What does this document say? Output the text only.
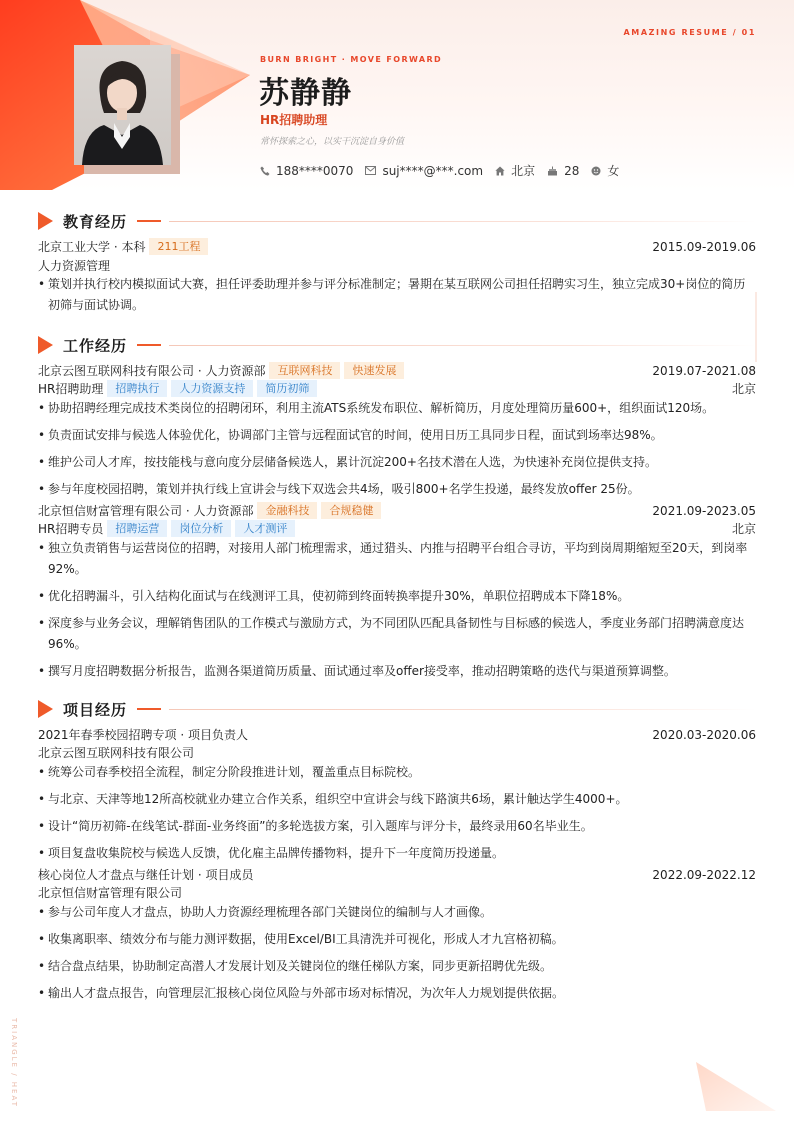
AMAZING RESUME / 01
BURN BRIGHT · MOVE FORWARD
苏静静
HR招聘助理
常怀探索之心，以实干沉淀自身价值
188****0070 suj****@***.com 北京 28 女
教育经历
北京工业大学 · 本科	211工程	2015.09-2019.06
人力资源管理
• 策划并执行校内模拟面试大赛，担任评委助理并参与评分标准制定；暑期在某互联网公司担任招聘实习生，独立完成30+岗位的简历初筛与面试协调。
工作经历
北京云图互联网科技有限公司 · 人力资源部	互联网科技	快速发展	2019.07-2021.08
HR招聘助理	招聘执行	人力资源支持	简历初筛	北京
• 协助招聘经理完成技术类岗位的招聘闭环，利用主流ATS系统发布职位、解析简历，月度处理简历量600+，组织面试120场。
• 负责面试安排与候选人体验优化，协调部门主管与远程面试官的时间，使用日历工具同步日程，面试到场率达98%。
• 维护公司人才库，按技能栈与意向度分层储备候选人，累计沉淀200+名技术潜在人选，为快速补充岗位提供支持。
• 参与年度校园招聘，策划并执行线上宣讲会与线下双选会共4场，吸引800+名学生投递，最终发放offer 25份。
北京恒信财富管理有限公司 · 人力资源部	金融科技	合规稳健	2021.09-2023.05
HR招聘专员	招聘运营	岗位分析	人才测评	北京
• 独立负责销售与运营岗位的招聘，对接用人部门梳理需求，通过猎头、内推与招聘平台组合寻访，平均到岗周期缩短至20天，到岗率92%。
• 优化招聘漏斗，引入结构化面试与在线测评工具，使初筛到终面转换率提升30%，单职位招聘成本下降18%。
• 深度参与业务会议，理解销售团队的工作模式与激励方式，为不同团队匹配具备韧性与目标感的候选人，季度业务部门招聘满意度达96%。
• 撰写月度招聘数据分析报告，监测各渠道简历质量、面试通过率及offer接受率，推动招聘策略的迭代与渠道预算调整。
项目经历
2021年春季校园招聘专项 · 项目负责人	2020.03-2020.06
北京云图互联网科技有限公司
• 统筹公司春季校招全流程，制定分阶段推进计划，覆盖重点目标院校。
• 与北京、天津等地12所高校就业办建立合作关系，组织空中宣讲会与线下路演共6场，累计触达学生4000+。
• 设计“简历初筛-在线笔试-群面-业务终面”的多轮选拔方案，引入题库与评分卡，最终录用60名毕业生。
• 项目复盘收集院校与候选人反馈，优化雇主品牌传播物料，提升下一年度简历投递量。
核心岗位人才盘点与继任计划 · 项目成员	2022.09-2022.12
北京恒信财富管理有限公司
• 参与公司年度人才盘点，协助人力资源经理梳理各部门关键岗位的编制与人才画像。
• 收集离职率、绩效分布与能力测评数据，使用Excel/BI工具清洗并可视化，形成人才九宫格初稿。
• 结合盘点结果，协助制定高潜人才发展计划及关键岗位的继任梯队方案，同步更新招聘优先级。
• 输出人才盘点报告，向管理层汇报核心岗位风险与外部市场对标情况，为次年人力规划提供依据。
TRIANGLE / HEAT
